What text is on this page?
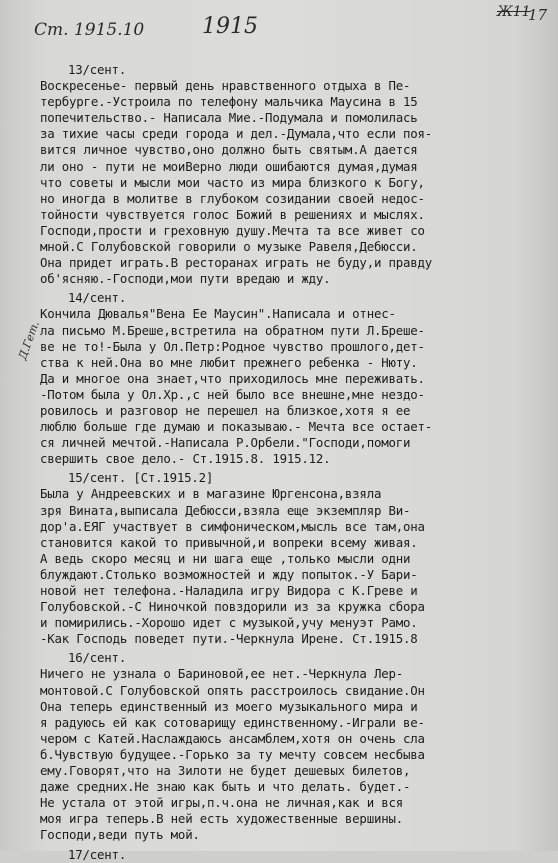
Ст. 1915.10	1915
Ж11
17
Д.Гет.
13/сент.
Воскресенье- первый день нравственного отдыха в Пе-
тербурге.-Устроила по телефону мальчика Маусина в 15
попечительство.- Написала Мие.-Подумала и помолилась
за тихие часы среди города и дел.-Думала,что если поя-
вится личное чувство,оно должно быть святым.А дается
ли оно - пути не моиВерно люди ошибаются думая,думая
что советы и мысли мои часто из мира близкого к Богу,
но иногда в молитве в глубоком созидании своей недос-
тойности чувствуется голос Божий в решениях и мыслях.
Господи,прости и греховную душу.Мечта та все живет со
мной.С Голубовской говорили о музыке Равеля,Дебюсси.
Она придет играть.В ресторанах играть не буду,и правду
об'ясняю.-Господи,мои пути вредаю и жду.
14/сент.
Кончила Дювалья"Вена Ее Маусин".Написала и отнес-
ла письмо М.Бреше,встретила на обратном пути Л.Бреше-
ве не то!-Была у Ол.Петр:Родное чувство прошлого,дет-
ства к ней.Она во мне любит прежнего ребенка - Нюту.
Да и многое она знает,что приходилось мне переживать.
-Потом была у Ол.Хр.,с ней было все внешне,мне нездо-
ровилось и разговор не перешел на близкое,хотя я ее
люблю больше где думаю и показываю.- Мечта все остает-
ся личней мечтой.-Написала Р.Орбели."Господи,помоги
свершить свое дело.- Ст.1915.8. 1915.12.
15/сент. [Ст.1915.2]
Была у Андреевских и в магазине Юргенсона,взяла
зря Вината,выписала Дебюсси,взяла еще экземпляр Ви-
дор'а.ЕЯГ участвует в симфоническом,мысль все там,она
становится какой то привычной,и вопреки всему живая.
А ведь скоро месяц и ни шага еще ,только мысли одни
блуждают.Столько возможностей и жду попыток.-У Бари-
новой нет телефона.-Наладила игру Видора с К.Греве и
Голубовской.-С Ниночкой повздорили из за кружка сбора
и помирились.-Хорошо идет с музыкой,учу менуэт Рамо.
-Как Господь поведет пути.-Черкнула Ирене. Ст.1915.8
16/сент.
Ничего не узнала о Бариновой,ее нет.-Черкнула Лер-
монтовой.С Голубовской опять расстроилось свидание.Он
Она теперь единственный из моего музыкального мира и
я радуюсь ей как сотоварищу единственному.-Играли ве-
чером с Катей.Наслаждаюсь ансамблем,хотя он очень сла
б.Чувствую будущее.-Горько за ту мечту совсем несбыва
ему.Говорят,что на Зилоти не будет дешевых билетов,
даже средних.Не знаю как быть и что делать. будет.-
Не устала от этой игры,п.ч.она не личная,как и вся
моя игра теперь.В ней есть художественные вершины.
Господи,веди путь мой.
17/сент.
